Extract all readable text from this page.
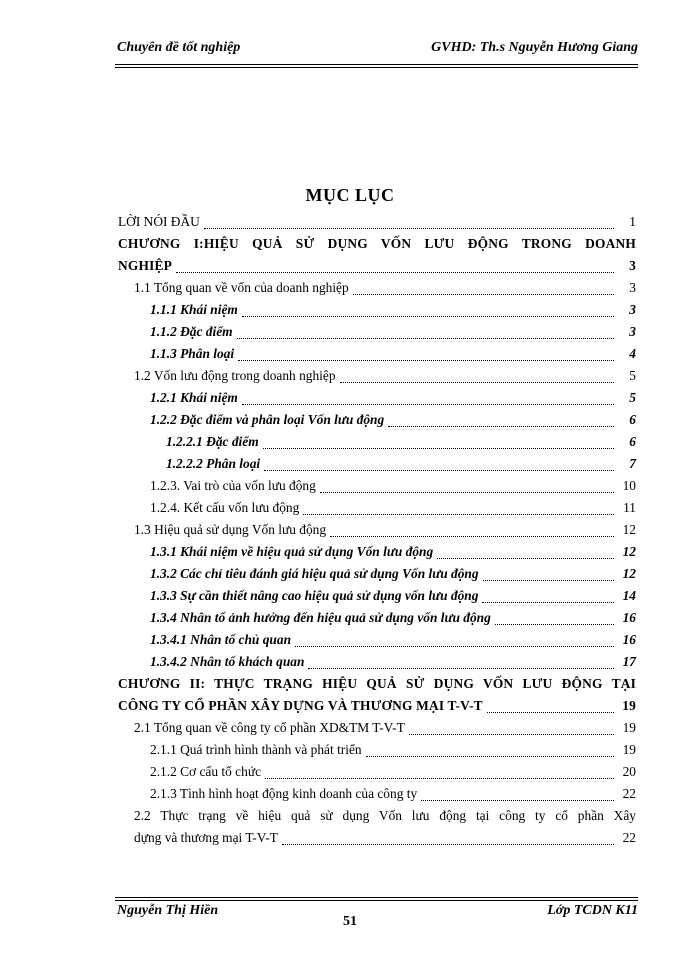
Chuyên đề tốt nghiệp	GVHD: Th.s Nguyễn Hương Giang
MỤC LỤC
LỜI NÓI ĐẦU	1
CHƯƠNG I:HIỆU QUẢ SỬ DỤNG VỐN LƯU ĐỘNG TRONG DOANH
NGHIỆP	3
1.1 Tổng quan về vốn của doanh nghiệp	3
1.1.1 Khái niệm	3
1.1.2 Đặc điểm	3
1.1.3 Phân loại	4
1.2 Vốn lưu động trong doanh nghiệp	5
1.2.1 Khái niệm	5
1.2.2 Đặc điểm và phân loại Vốn lưu động	6
1.2.2.1 Đặc điểm	6
1.2.2.2 Phân loại	7
1.2.3. Vai trò của vốn lưu động	10
1.2.4. Kết cấu vốn lưu động	11
1.3 Hiệu quả sử dụng Vốn lưu động	12
1.3.1 Khái niệm về hiệu quả sử dụng Vốn lưu động	12
1.3.2 Các chỉ tiêu đánh giá hiệu quả sử dụng Vốn lưu động	12
1.3.3 Sự cần thiết nâng cao hiệu quả sử dụng vốn lưu động	14
1.3.4 Nhân tố ảnh hưởng đến hiệu quả sử dụng vốn lưu động	16
1.3.4.1 Nhân tố chủ quan	16
1.3.4.2 Nhân tố khách quan	17
CHƯƠNG II: THỰC TRẠNG HIỆU QUẢ SỬ DỤNG VỐN LƯU ĐỘNG TẠI
CÔNG TY CỔ PHẦN XÂY DỰNG VÀ THƯƠNG MẠI T-V-T	19
2.1 Tổng quan về công ty cổ phần XD&TM T-V-T	19
2.1.1 Quá trình hình thành và phát triển	19
2.1.2 Cơ cấu tổ chức	20
2.1.3 Tình hình hoạt động kinh doanh của công ty	22
2.2 Thực trạng về hiệu quả sử dụng Vốn lưu động tại công ty cổ phần Xây
dựng và thương mại T-V-T	22
Nguyễn Thị Hiền	Lớp TCDN K11
51
